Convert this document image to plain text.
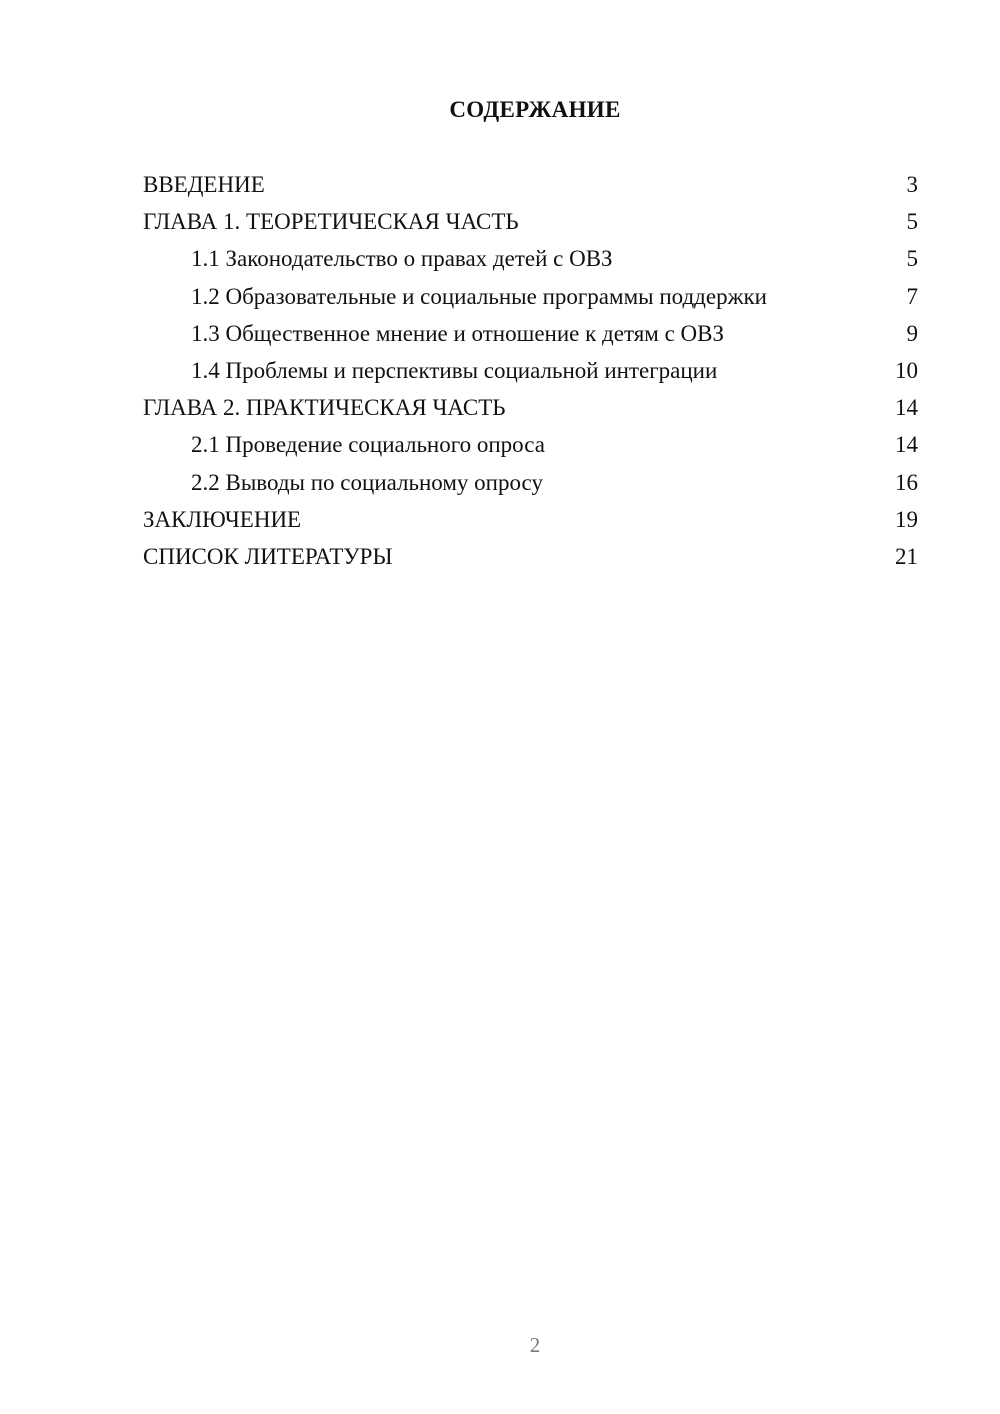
СОДЕРЖАНИЕ
ВВЕДЕНИЕ	3
ГЛАВА 1. ТЕОРЕТИЧЕСКАЯ ЧАСТЬ	5
1.1 Законодательство о правах детей с ОВЗ	5
1.2 Образовательные и социальные программы поддержки	7
1.3 Общественное мнение и отношение к детям с ОВЗ	9
1.4 Проблемы и перспективы социальной интеграции	10
ГЛАВА 2. ПРАКТИЧЕСКАЯ ЧАСТЬ	14
2.1 Проведение социального опроса	14
2.2 Выводы по социальному опросу	16
ЗАКЛЮЧЕНИЕ	19
СПИСОК ЛИТЕРАТУРЫ	21
2
